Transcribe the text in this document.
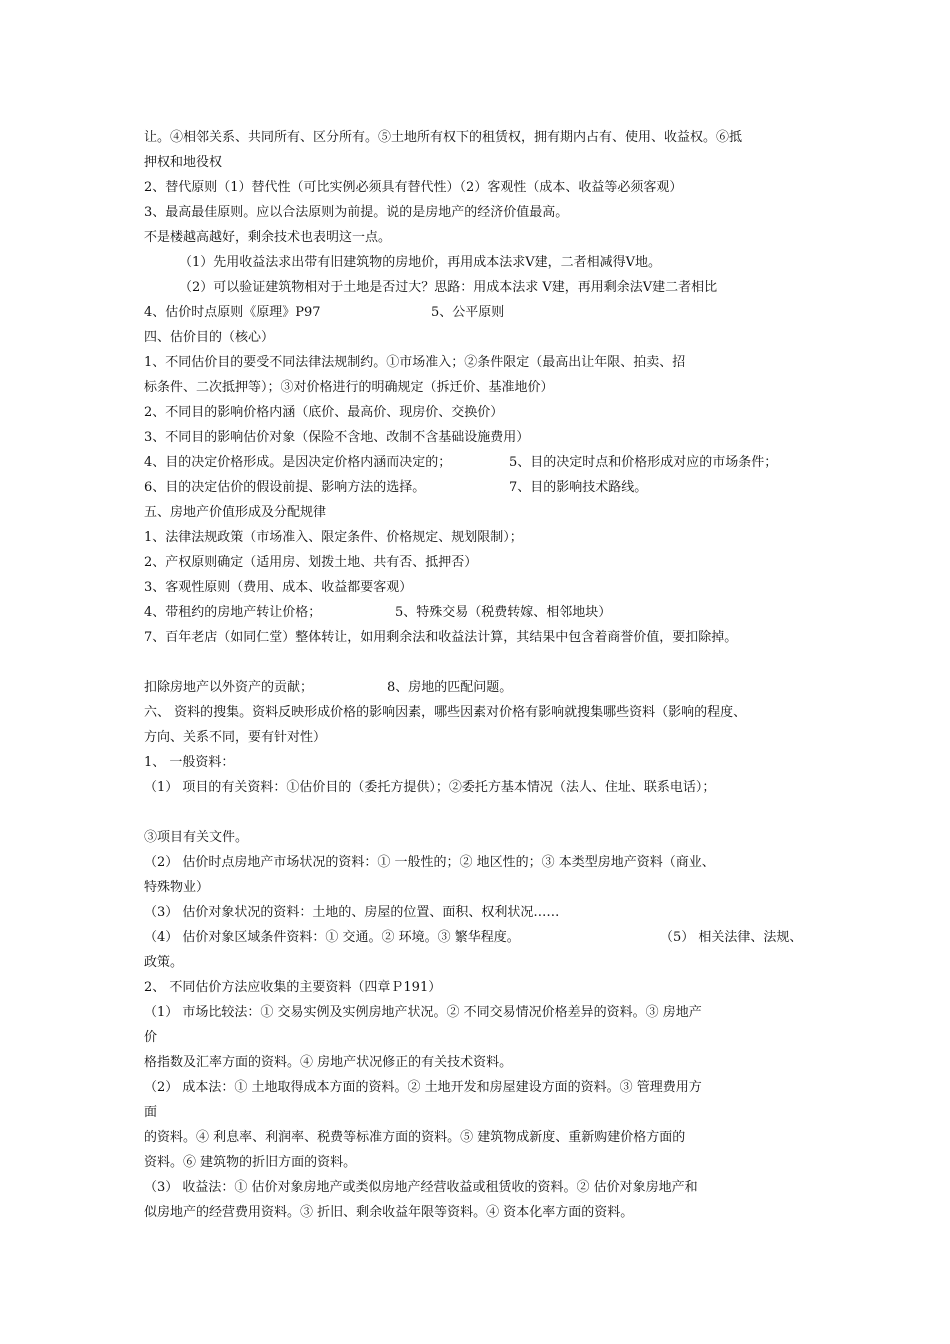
让。④相邻关系、共同所有、区分所有。⑤土地所有权下的租赁权，拥有期内占有、使用、收益权。⑥抵
押权和地役权
2、替代原则（1）替代性（可比实例必须具有替代性）（2）客观性（成本、收益等必须客观）
3、最高最佳原则。应以合法原则为前提。说的是房地产的经济价值最高。
不是楼越高越好，剩余技术也表明这一点。
（1）先用收益法求出带有旧建筑物的房地价，再用成本法求Ⅴ建，二者相减得Ⅴ地。
（2）可以验证建筑物相对于土地是否过大？思路：用成本法求 Ⅴ建，再用剩余法Ⅴ建二者相比
4、估价时点原则《原理》P97	5、公平原则
四、估价目的（核心）
1、不同估价目的要受不同法律法规制约。①市场准入；②条件限定（最高出让年限、拍卖、招
标条件、二次抵押等）；③对价格进行的明确规定（拆迁价、基准地价）
2、不同目的影响价格内涵（底价、最高价、现房价、交换价）
3、不同目的影响估价对象（保险不含地、改制不含基础设施费用）
4、目的决定价格形成。是因决定价格内涵而决定的；	5、目的决定时点和价格形成对应的市场条件；
6、目的决定估价的假设前提、影响方法的选择。	7、目的影响技术路线。
五、房地产价值形成及分配规律
1、法律法规政策（市场准入、限定条件、价格规定、规划限制）；
2、产权原则确定（适用房、划拨土地、共有否、抵押否）
3、客观性原则（费用、成本、收益都要客观）
4、带租约的房地产转让价格；	5、特殊交易（税费转嫁、相邻地块）
7、百年老店（如同仁堂）整体转让，如用剩余法和收益法计算，其结果中包含着商誉价值，要扣除掉。
扣除房地产以外资产的贡献；	8、房地的匹配问题。
六、 资料的搜集。资料反映形成价格的影响因素，哪些因素对价格有影响就搜集哪些资料（影响的程度、
方向、关系不同，要有针对性）
1、 一般资料：
（1） 项目的有关资料：①估价目的（委托方提供）；②委托方基本情况（法人、住址、联系电话）；
③项目有关文件。
（2） 估价时点房地产市场状况的资料：① 一般性的；② 地区性的；③ 本类型房地产资料（商业、
特殊物业）
（3） 估价对象状况的资料：土地的、房屋的位置、面积、权利状况……
（4） 估价对象区域条件资料：① 交通。② 环境。③ 繁华程度。	（5） 相关法律、法规、
政策。
2、 不同估价方法应收集的主要资料（四章Ｐ191）
（1） 市场比较法：① 交易实例及实例房地产状况。② 不同交易情况价格差异的资料。③ 房地产
价
格指数及汇率方面的资料。④ 房地产状况修正的有关技术资料。
（2） 成本法：① 土地取得成本方面的资料。② 土地开发和房屋建设方面的资料。③ 管理费用方
面
的资料。④ 利息率、利润率、税费等标准方面的资料。⑤ 建筑物成新度、重新购建价格方面的
资料。⑥ 建筑物的折旧方面的资料。
（3） 收益法：① 估价对象房地产或类似房地产经营收益或租赁收的资料。② 估价对象房地产和
似房地产的经营费用资料。③ 折旧、剩余收益年限等资料。④ 资本化率方面的资料。
